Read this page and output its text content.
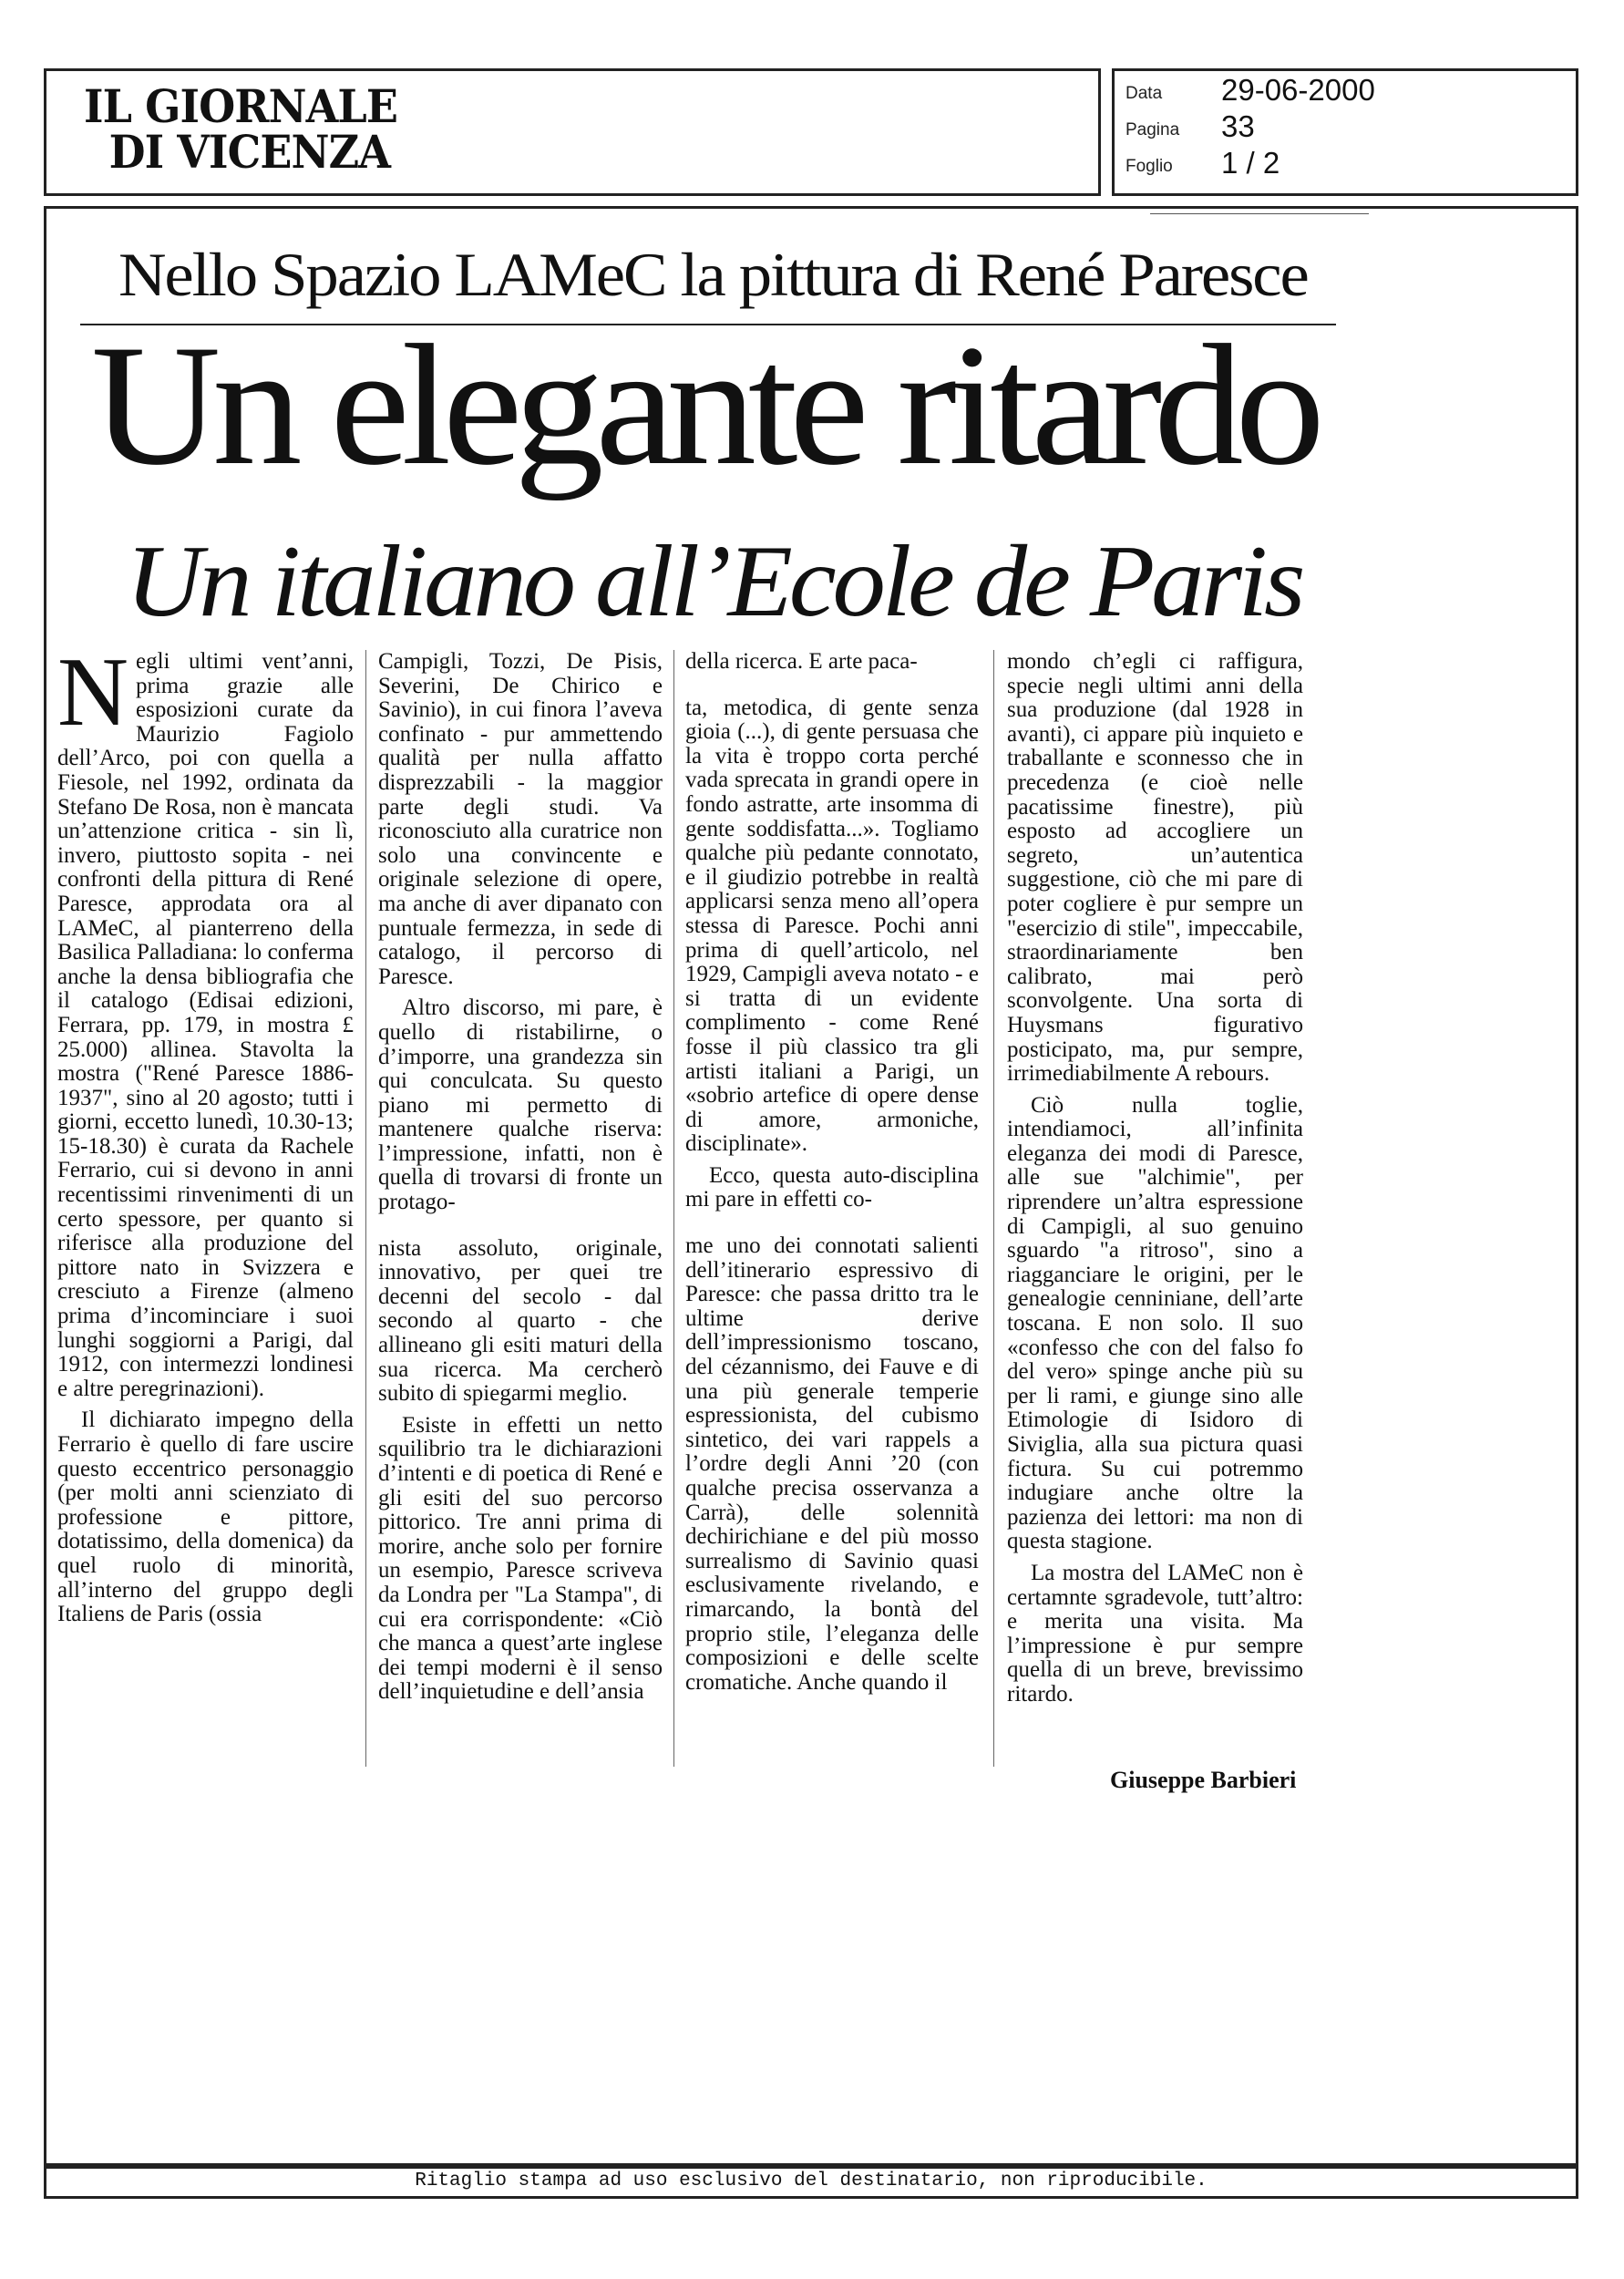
IL GIORNALE
DI VICENZA
Data 29-06-2000
Pagina 33
Foglio 1 / 2
Nello Spazio LAMeC la pittura di René Paresce
Un elegante ritardo
Un italiano all’Ecole de Paris

Negli ultimi vent’anni, prima grazie alle esposizioni curate da Maurizio Fagiolo dell’Arco, poi con quella a Fiesole, nel 1992, ordinata da Stefano De Rosa, non è mancata un’attenzione critica - sin lì, invero, piuttosto sopita - nei confronti della pittura di René Paresce, approdata ora al LAMeC, al pianterreno della Basilica Palladiana: lo conferma anche la densa bibliografia che il catalogo (Edisai edizioni, Ferrara, pp. 179, in mostra £ 25.000) allinea. Stavolta la mostra ("René Paresce 1886-1937", sino al 20 agosto; tutti i giorni, eccetto lunedì, 10.30-13; 15-18.30) è curata da Rachele Ferrario, cui si devono in anni recentissimi rinvenimenti di un certo spessore, per quanto si riferisce alla produzione del pittore nato in Svizzera e cresciuto a Firenze (almeno prima d’incominciare i suoi lunghi soggiorni a Parigi, dal 1912, con intermezzi londinesi e altre peregrinazioni).

Il dichiarato impegno della Ferrario è quello di fare uscire questo eccentrico personaggio (per molti anni scienziato di professione e pittore, dotatissimo, della domenica) da quel ruolo di minorità, all’interno del gruppo degli Italiens de Paris (ossia

Campigli, Tozzi, De Pisis, Severini, De Chirico e Savinio), in cui finora l’aveva confinato - pur ammettendo qualità per nulla affatto disprezzabili - la maggior parte degli studi. Va riconosciuto alla curatrice non solo una convincente e originale selezione di opere, ma anche di aver dipanato con puntuale fermezza, in sede di catalogo, il percorso di Paresce.

Altro discorso, mi pare, è quello di ristabilirne, o d’imporre, una grandezza sin qui conculcata. Su questo piano mi permetto di mantenere qualche riserva: l’impressione, infatti, non è quella di trovarsi di fronte un protago-

nista assoluto, originale, innovativo, per quei tre decenni del secolo - dal secondo al quarto - che allineano gli esiti maturi della sua ricerca. Ma cercherò subito di spiegarmi meglio.

Esiste in effetti un netto squilibrio tra le dichiarazioni d’intenti e di poetica di René e gli esiti del suo percorso pittorico. Tre anni prima di morire, anche solo per fornire un esempio, Paresce scriveva da Londra per "La Stampa", di cui era corrispondente: «Ciò che manca a quest’arte inglese dei tempi moderni è il senso dell’inquietudine e dell’ansia

della ricerca. E arte paca-

ta, metodica, di gente senza gioia (...), di gente persuasa che la vita è troppo corta perché vada sprecata in grandi opere in fondo astratte, arte insomma di gente soddisfatta...». Togliamo qualche più pedante connotato, e il giudizio potrebbe in realtà applicarsi senza meno all’opera stessa di Paresce. Pochi anni prima di quell’articolo, nel 1929, Campigli aveva notato - e si tratta di un evidente complimento - come René fosse il più classico tra gli artisti italiani a Parigi, un «sobrio artefice di opere dense di amore, armoniche, disciplinate».

Ecco, questa auto-disciplina mi pare in effetti co-

me uno dei connotati salienti dell’itinerario espressivo di Paresce: che passa dritto tra le ultime derive dell’impressionismo toscano, del cézannismo, dei Fauve e di una più generale temperie espressionista, del cubismo sintetico, dei vari rappels a l’ordre degli Anni ’20 (con qualche precisa osservanza a Carrà), delle solennità dechirichiane e del più mosso surrealismo di Savinio quasi esclusivamente rivelando, e rimarcando, la bontà del proprio stile, l’eleganza delle composizioni e delle scelte cromatiche. Anche quando il

mondo ch’egli ci raffigura, specie negli ultimi anni della sua produzione (dal 1928 in avanti), ci appare più inquieto e traballante e sconnesso che in precedenza (e cioè nelle pacatissime finestre), più esposto ad accogliere un segreto, un’autentica suggestione, ciò che mi pare di poter cogliere è pur sempre un "esercizio di stile", impeccabile, straordinariamente ben calibrato, mai però sconvolgente. Una sorta di Huysmans figurativo posticipato, ma, pur sempre, irrimediabilmente A rebours.

Ciò nulla toglie, intendiamoci, all’infinita eleganza dei modi di Paresce, alle sue "alchimie", per riprendere un’altra espressione di Campigli, al suo genuino sguardo "a ritroso", sino a riagganciare le origini, per le genealogie cenniniane, dell’arte toscana. E non solo. Il suo «confesso che con del falso fo del vero» spinge anche più su per li rami, e giunge sino alle Etimologie di Isidoro di Siviglia, alla sua pictura quasi fictura. Su cui potremmo indugiare anche oltre la pazienza dei lettori: ma non di questa stagione.

La mostra del LAMeC non è certamnte sgradevole, tutt’altro: e merita una visita. Ma l’impressione è pur sempre quella di un breve, brevissimo ritardo.

Giuseppe Barbieri
Ritaglio stampa ad uso esclusivo del destinatario, non riproducibile.
